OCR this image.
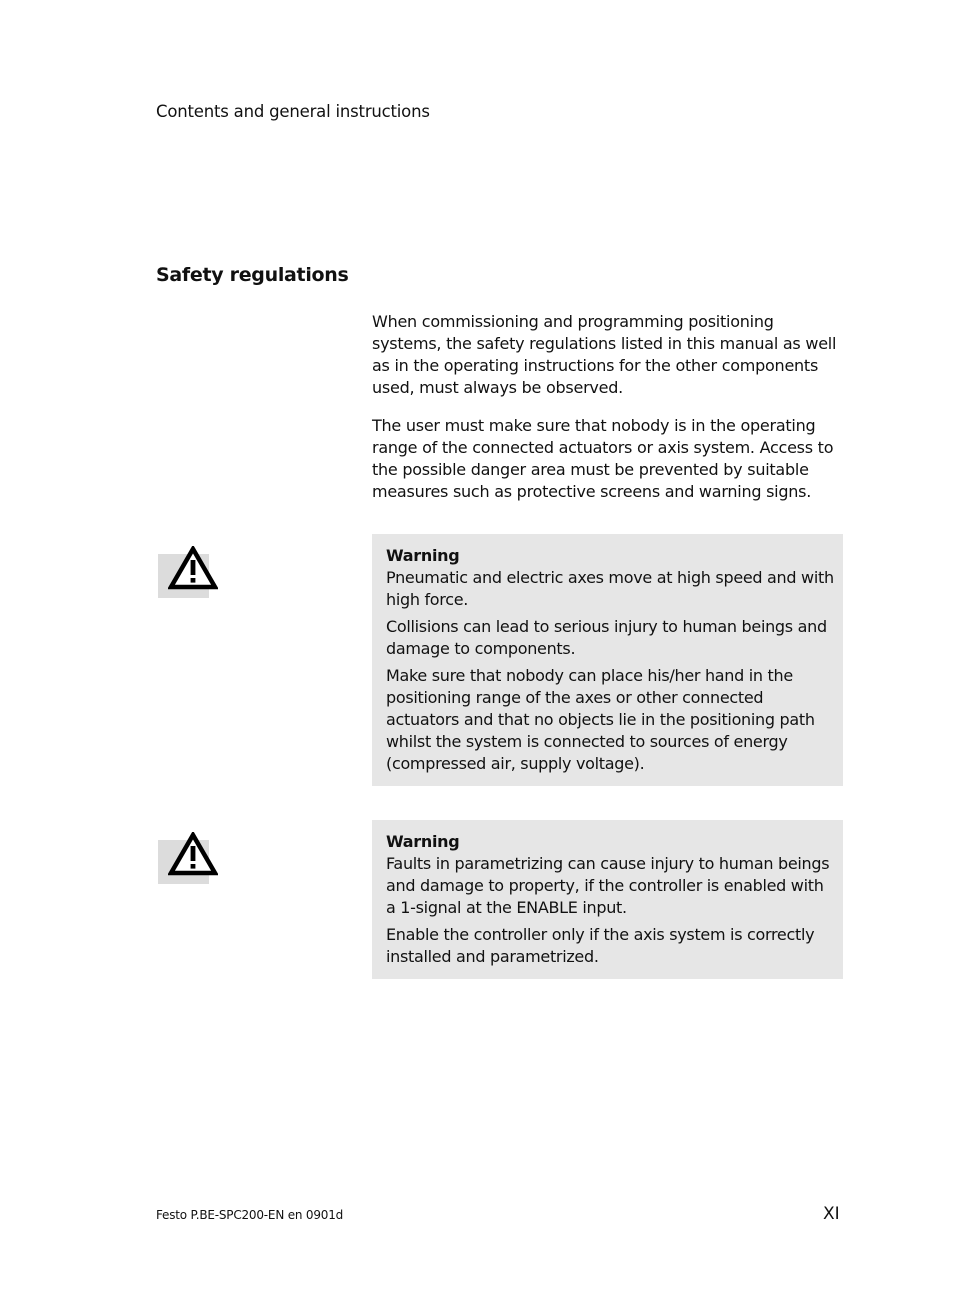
Contents and general instructions
Safety regulations

When commissioning and programming positioning systems, the safety regulations listed in this manual as well as in the operating instructions for the other components used, must always be observed.

The user must make sure that nobody is in the operating range of the connected actuators or axis system. Access to the possible danger area must be prevented by suitable measures such as protective screens and warning signs.

Warning

Pneumatic and electric axes move at high speed and with high force.

Collisions can lead to serious injury to human beings and damage to components.

Make sure that nobody can place his/her hand in the positioning range of the axes or other connected actuators and that no objects lie in the positioning path whilst the system is connected to sources of energy (compressed air, supply voltage).

Warning

Faults in parametrizing can cause injury to human beings and damage to property, if the controller is enabled with a 1-signal at the ENABLE input.

Enable the controller only if the axis system is correctly installed and parametrized.

Festo P.BE-SPC200-EN en 0901d	XI
